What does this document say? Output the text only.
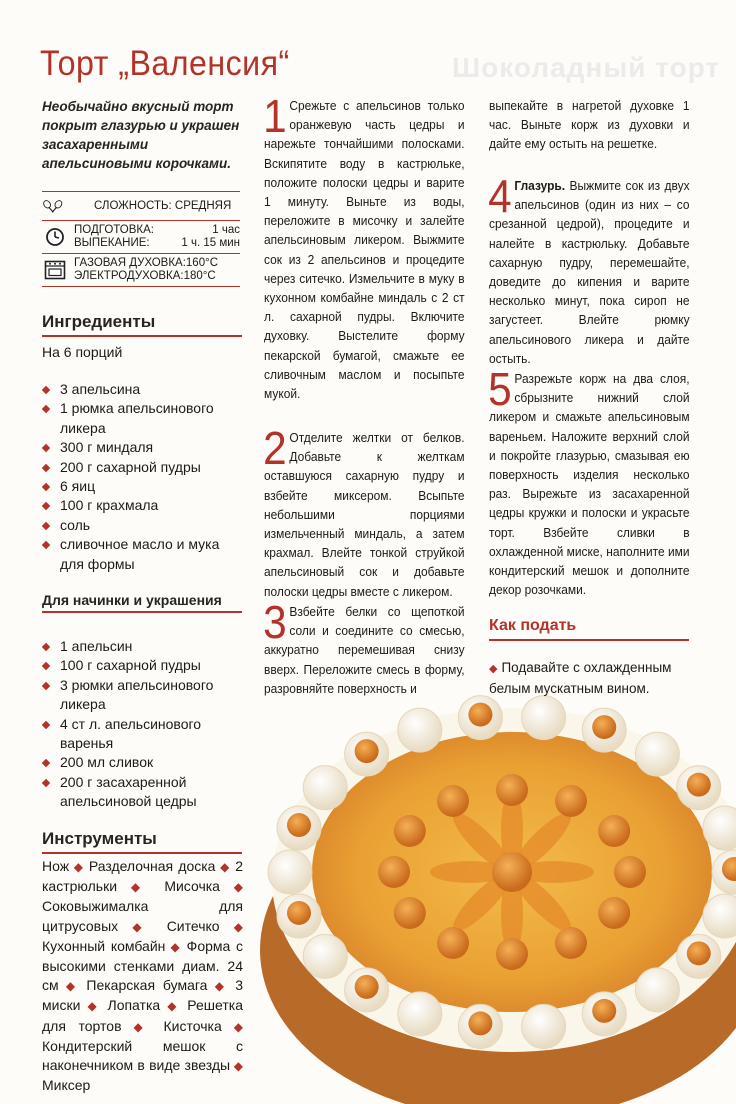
Шоколадный торт
Торт „Валенсия“
Необычайно вкусный торт покрыт глазурью и украшен засахаренными апельсиновыми корочками.
СЛОЖНОСТЬ: СРЕДНЯЯ
ПОДГОТОВКА:	1 час
ВЫПЕКАНИЕ:	1 ч. 15 мин
ГАЗОВАЯ ДУХОВКА:160°С
ЭЛЕКТРОДУХОВКА:180°С
Ингредиенты
На 6 порций
3 апельсина
1 рюмка апельсинового ликера
300 г миндаля
200 г сахарной пудры
6 яиц
100 г крахмала
соль
сливочное масло и мука для формы
Для начинки и украшения
1 апельсин
100 г сахарной пудры
3 рюмки апельсинового ликера
4 ст л. апельсинового варенья
200 мл сливок
200 г засахаренной апельсиновой цедры
Инструменты
Нож ◆ Разделочная доска ◆ 2 кастрюльки ◆ Мисочка ◆ Соковыжималка для цитрусовых ◆ Ситечко ◆ Кухонный комбайн ◆ Форма с высокими стенками диам. 24 см ◆ Пекарская бумага ◆ 3 миски ◆ Лопатка ◆ Решетка для тортов ◆ Кисточка ◆ Кондитерский мешок с наконечником в виде звезды ◆ Миксер
1 Срежьте с апельсинов только оранжевую часть цедры и нарежьте тончайшими полосками. Вскипятите воду в кастрюльке, положите полоски цедры и варите 1 минуту. Выньте из воды, переложите в мисочку и залейте апельсиновым ликером. Выжмите сок из 2 апельсинов и процедите через ситечко. Измельчите в муку в кухонном комбайне миндаль с 2 ст л. сахарной пудры. Включите духовку. Выстелите форму пекарской бумагой, смажьте ее сливочным маслом и посыпьте мукой.
2 Отделите желтки от белков. Добавьте к желткам оставшуюся сахарную пудру и взбейте миксером. Всыпьте небольшими порциями измельченный миндаль, а затем крахмал. Влейте тонкой струйкой апельсиновый сок и добавьте полоски цедры вместе с ликером.
3 Взбейте белки со щепоткой соли и соедините со смесью, аккуратно перемешивая снизу вверх. Переложите смесь в форму, разровняйте поверхность и
выпекайте в нагретой духовке 1 час. Выньте корж из духовки и дайте ему остыть на решетке.
4 Глазурь. Выжмите сок из двух апельсинов (один из них – со срезанной цедрой), процедите и налейте в кастрюльку. Добавьте сахарную пудру, перемешайте, доведите до кипения и варите несколько минут, пока сироп не загустеет. Влейте рюмку апельсинового ликера и дайте остыть.
5 Разрежьте корж на два слоя, сбрызните нижний слой ликером и смажьте апельсиновым вареньем. Наложите верхний слой и покройте глазурью, смазывая ею поверхность изделия несколько раз. Вырежьте из засахаренной цедры кружки и полоски и украсьте торт. Взбейте сливки в охлажденной миске, наполните ими кондитерский мешок и дополните декор розочками.
Как подать
◆ Подавайте с охлажденным белым мускатным вином.
